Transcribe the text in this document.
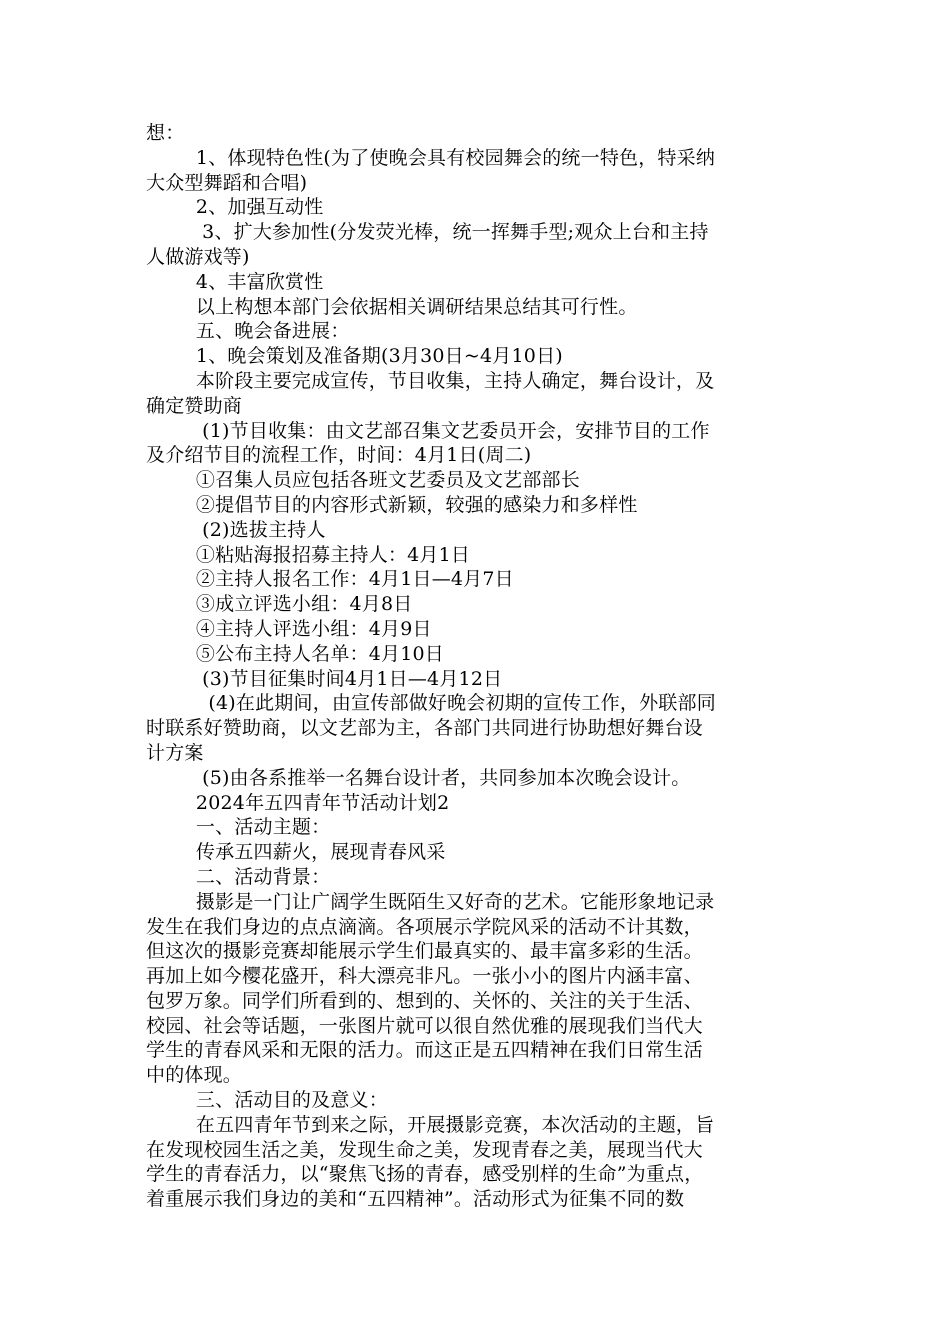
想：
1、体现特色性(为了使晚会具有校园舞会的统一特色，特采纳
大众型舞蹈和合唱)
2、加强互动性
3、扩大参加性(分发荧光棒，统一挥舞手型;观众上台和主持
人做游戏等)
4、丰富欣赏性
以上构想本部门会依据相关调研结果总结其可行性。
五、晚会备进展：
1、晚会策划及准备期(3月30日~4月10日)
本阶段主要完成宣传，节目收集，主持人确定，舞台设计，及
确定赞助商
(1)节目收集：由文艺部召集文艺委员开会，安排节目的工作
及介绍节目的流程工作，时间：4月1日(周二)
①召集人员应包括各班文艺委员及文艺部部长
②提倡节目的内容形式新颖，较强的感染力和多样性
(2)选拔主持人
①粘贴海报招募主持人：4月1日
②主持人报名工作：4月1日—4月7日
③成立评选小组：4月8日
④主持人评选小组：4月9日
⑤公布主持人名单：4月10日
(3)节目征集时间4月1日—4月12日
(4)在此期间，由宣传部做好晚会初期的宣传工作，外联部同
时联系好赞助商，以文艺部为主，各部门共同进行协助想好舞台设
计方案
(5)由各系推举一名舞台设计者，共同参加本次晚会设计。
2024年五四青年节活动计划2
一、活动主题：
传承五四薪火，展现青春风采
二、活动背景：
摄影是一门让广阔学生既陌生又好奇的艺术。它能形象地记录
发生在我们身边的点点滴滴。各项展示学院风采的活动不计其数，
但这次的摄影竞赛却能展示学生们最真实的、最丰富多彩的生活。
再加上如今樱花盛开，科大漂亮非凡。一张小小的图片内涵丰富、
包罗万象。同学们所看到的、想到的、关怀的、关注的关于生活、
校园、社会等话题，一张图片就可以很自然优雅的展现我们当代大
学生的青春风采和无限的活力。而这正是五四精神在我们日常生活
中的体现。
三、活动目的及意义：
在五四青年节到来之际，开展摄影竞赛，本次活动的主题，旨
在发现校园生活之美，发现生命之美，发现青春之美，展现当代大
学生的青春活力，以“聚焦飞扬的青春，感受别样的生命”为重点，
着重展示我们身边的美和“五四精神”。活动形式为征集不同的数
